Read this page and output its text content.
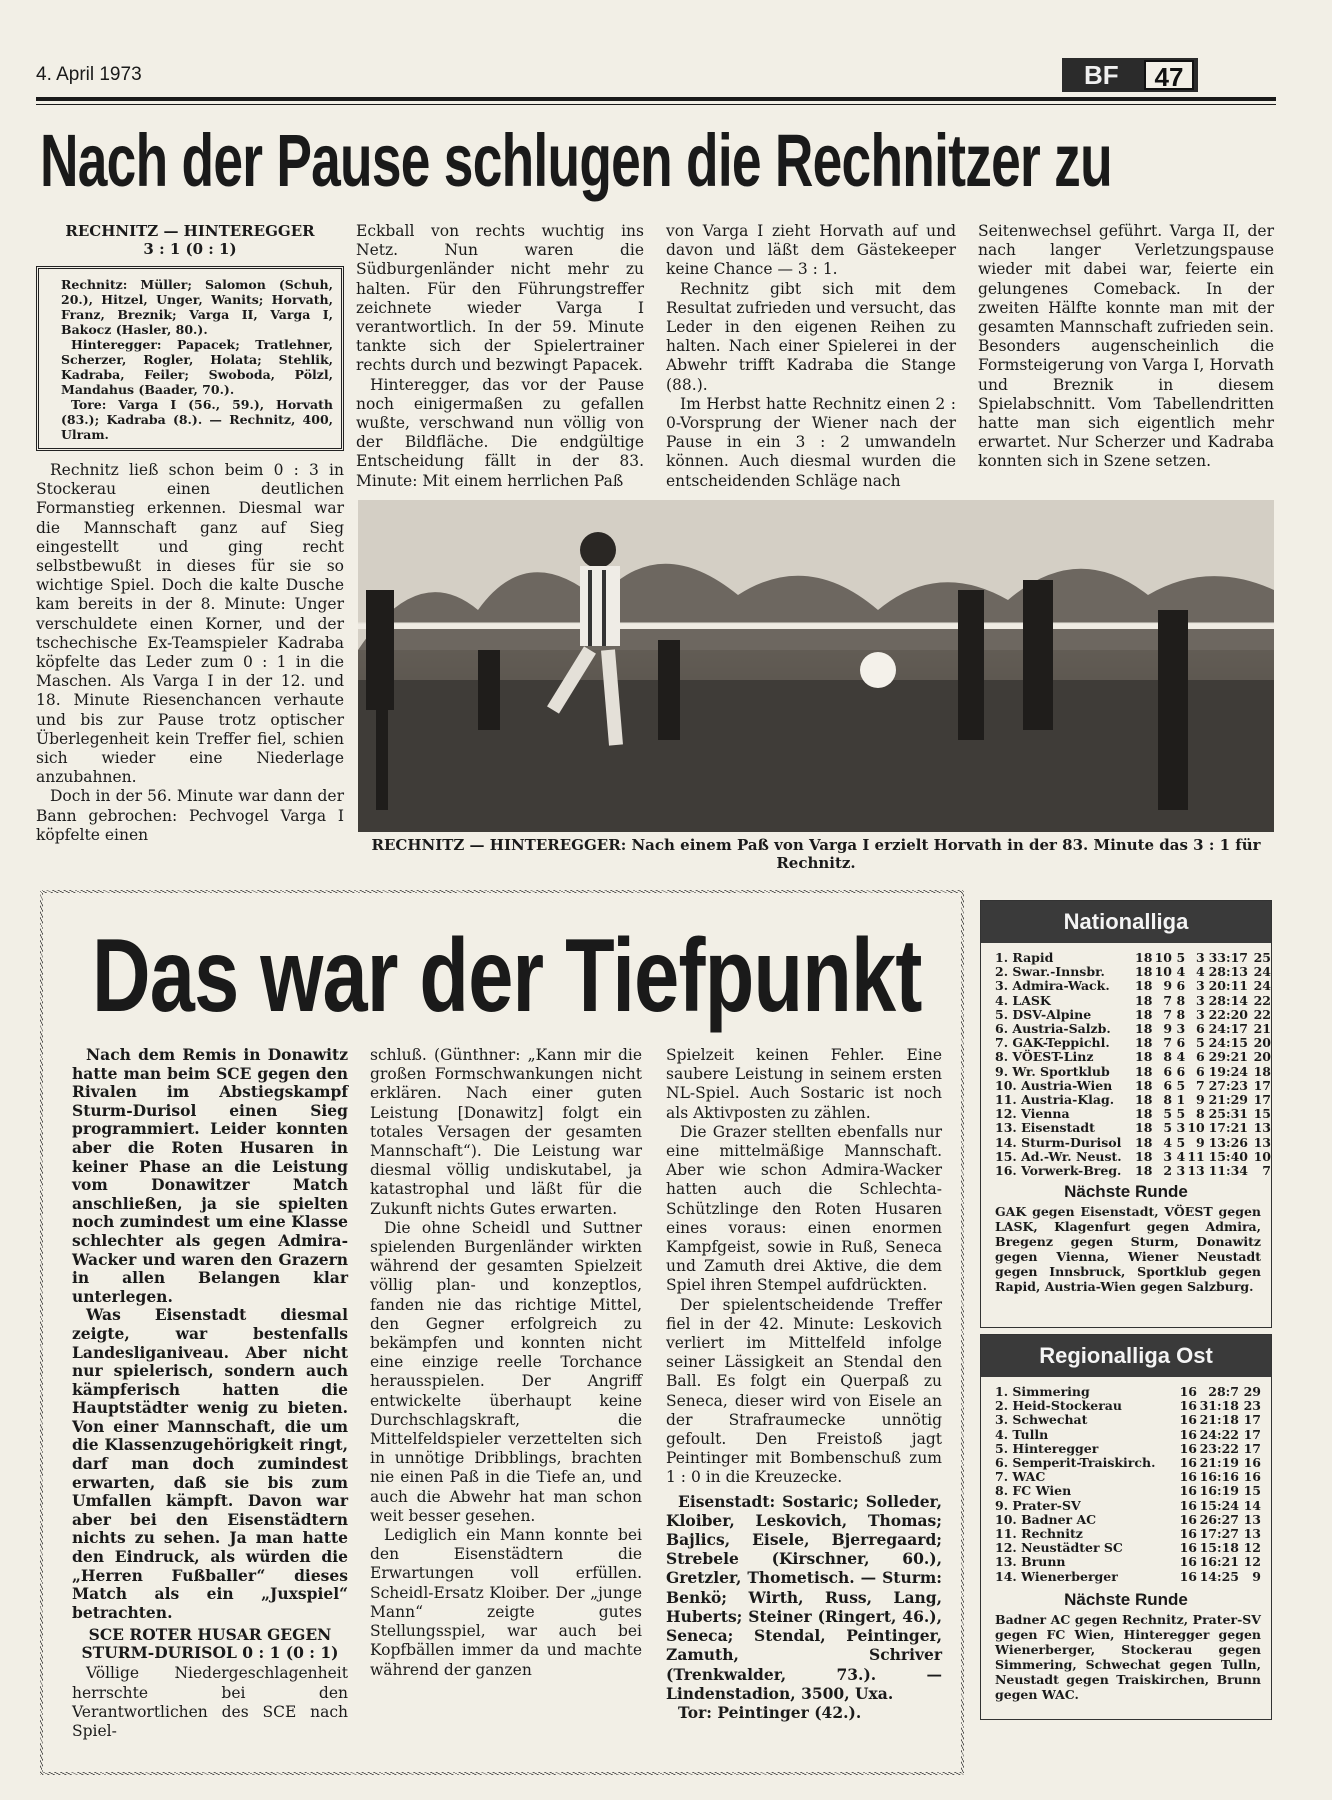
4. April 1973	BF	47
Nach der Pause schlugen die Rechnitzer zu
RECHNITZ — HINTEREGGER
3 : 1 (0 : 1)

Rechnitz: Müller; Salomon (Schuh, 20.), Hitzel, Unger, Wanits; Horvath, Franz, Breznik; Varga II, Varga I, Bakocz (Hasler, 80.).

Hinteregger: Papacek; Tratlehner, Scherzer, Rogler, Holata; Stehlik, Kadraba, Feiler; Swoboda, Pölzl, Mandahus (Baader, 70.).

Tore: Varga I (56., 59.), Horvath (83.); Kadraba (8.). — Rechnitz, 400, Ulram.

Rechnitz ließ schon beim 0 : 3 in Stockerau einen deutlichen Formanstieg erkennen. Diesmal war die Mannschaft ganz auf Sieg eingestellt und ging recht selbstbewußt in dieses für sie so wichtige Spiel. Doch die kalte Dusche kam bereits in der 8. Minute: Unger verschuldete einen Korner, und der tschechische Ex-Teamspieler Kadraba köpfelte das Leder zum 0 : 1 in die Maschen. Als Varga I in der 12. und 18. Minute Riesenchancen verhaute und bis zur Pause trotz optischer Überlegenheit kein Treffer fiel, schien sich wieder eine Niederlage anzubahnen.

Doch in der 56. Minute war dann der Bann gebrochen: Pechvogel Varga I köpfelte einen

Eckball von rechts wuchtig ins Netz. Nun waren die Südburgenländer nicht mehr zu halten. Für den Führungstreffer zeichnete wieder Varga I verantwortlich. In der 59. Minute tankte sich der Spielertrainer rechts durch und bezwingt Papacek.

Hinteregger, das vor der Pause noch einigermaßen zu gefallen wußte, verschwand nun völlig von der Bildfläche. Die endgültige Entscheidung fällt in der 83. Minute: Mit einem herrlichen Paß

von Varga I zieht Horvath auf und davon und läßt dem Gästekeeper keine Chance — 3 : 1.

Rechnitz gibt sich mit dem Resultat zufrieden und versucht, das Leder in den eigenen Reihen zu halten. Nach einer Spielerei in der Abwehr trifft Kadraba die Stange (88.).

Im Herbst hatte Rechnitz einen 2 : 0-Vorsprung der Wiener nach der Pause in ein 3 : 2 umwandeln können. Auch diesmal wurden die entscheidenden Schläge nach

Seitenwechsel geführt. Varga II, der nach langer Verletzungspause wieder mit dabei war, feierte ein gelungenes Comeback. In der zweiten Hälfte konnte man mit der gesamten Mannschaft zufrieden sein. Besonders augenscheinlich die Formsteigerung von Varga I, Horvath und Breznik in diesem Spielabschnitt. Vom Tabellendritten hatte man sich eigentlich mehr erwartet. Nur Scherzer und Kadraba konnten sich in Szene setzen.

RECHNITZ — HINTEREGGER: Nach einem Paß von Varga I erzielt Horvath in der 83. Minute das 3 : 1 für Rechnitz.
Das war der Tiefpunkt

Nach dem Remis in Donawitz hatte man beim SCE gegen den Rivalen im Abstiegskampf Sturm-Durisol einen Sieg programmiert. Leider konnten aber die Roten Husaren in keiner Phase an die Leistung vom Donawitzer Match anschließen, ja sie spielten noch zumindest um eine Klasse schlechter als gegen Admira-Wacker und waren den Grazern in allen Belangen klar unterlegen.

Was Eisenstadt diesmal zeigte, war bestenfalls Landesliganiveau. Aber nicht nur spielerisch, sondern auch kämpferisch hatten die Hauptstädter wenig zu bieten. Von einer Mannschaft, die um die Klassenzugehörigkeit ringt, darf man doch zumindest erwarten, daß sie bis zum Umfallen kämpft. Davon war aber bei den Eisenstädtern nichts zu sehen. Ja man hatte den Eindruck, als würden die „Herren Fußballer“ dieses Match als ein „Juxspiel“ betrachten.

SCE ROTER HUSAR GEGEN STURM-DURISOL 0 : 1 (0 : 1)

Völlige Niedergeschlagenheit herrschte bei den Verantwortlichen des SCE nach Spiel-

schluß. (Günthner: „Kann mir die großen Formschwankungen nicht erklären. Nach einer guten Leistung [Donawitz] folgt ein totales Versagen der gesamten Mannschaft“). Die Leistung war diesmal völlig undiskutabel, ja katastrophal und läßt für die Zukunft nichts Gutes erwarten.

Die ohne Scheidl und Suttner spielenden Burgenländer wirkten während der gesamten Spielzeit völlig plan- und konzeptlos, fanden nie das richtige Mittel, den Gegner erfolgreich zu bekämpfen und konnten nicht eine einzige reelle Torchance herausspielen. Der Angriff entwickelte überhaupt keine Durchschlagskraft, die Mittelfeldspieler verzettelten sich in unnötige Dribblings, brachten nie einen Paß in die Tiefe an, und auch die Abwehr hat man schon weit besser gesehen.

Lediglich ein Mann konnte bei den Eisenstädtern die Erwartungen voll erfüllen. Scheidl-Ersatz Kloiber. Der „junge Mann“ zeigte gutes Stellungsspiel, war auch bei Kopfbällen immer da und machte während der ganzen

Spielzeit keinen Fehler. Eine saubere Leistung in seinem ersten NL-Spiel. Auch Sostaric ist noch als Aktivposten zu zählen.

Die Grazer stellten ebenfalls nur eine mittelmäßige Mannschaft. Aber wie schon Admira-Wacker hatten auch die Schlechta-Schützlinge den Roten Husaren eines voraus: einen enormen Kampfgeist, sowie in Ruß, Seneca und Zamuth drei Aktive, die dem Spiel ihren Stempel aufdrückten.

Der spielentscheidende Treffer fiel in der 42. Minute: Leskovich verliert im Mittelfeld infolge seiner Lässigkeit an Stendal den Ball. Es folgt ein Querpaß zu Seneca, dieser wird von Eisele an der Strafraumecke unnötig gefoult. Den Freistoß jagt Peintinger mit Bombenschuß zum 1 : 0 in die Kreuzecke.

Eisenstadt: Sostaric; Solleder, Kloiber, Leskovich, Thomas; Bajlics, Eisele, Bjerregaard; Strebele (Kirschner, 60.), Gretzler, Thometisch. — Sturm: Benkö; Wirth, Russ, Lang, Huberts; Steiner (Ringert, 46.), Seneca; Stendal, Peintinger, Zamuth, Schriver (Trenkwalder, 73.). — Lindenstadion, 3500, Uxa.

Tor: Peintinger (42.).

Nationalliga
1. Rapid	18	10	5	3	33:17	25
2. Swar.-Innsbr.	18	10	4	4	28:13	24
3. Admira-Wack.	18	9	6	3	20:11	24
4. LASK	18	7	8	3	28:14	22
5. DSV-Alpine	18	7	8	3	22:20	22
6. Austria-Salzb.	18	9	3	6	24:17	21
7. GAK-Teppichl.	18	7	6	5	24:15	20
8. VÖEST-Linz	18	8	4	6	29:21	20
9. Wr. Sportklub	18	6	6	6	19:24	18
10. Austria-Wien	18	6	5	7	27:23	17
11. Austria-Klag.	18	8	1	9	21:29	17
12. Vienna	18	5	5	8	25:31	15
13. Eisenstadt	18	5	3	10	17:21	13
14. Sturm-Durisol	18	4	5	9	13:26	13
15. Ad.-Wr. Neust.	18	3	4	11	15:40	10
16. Vorwerk-Breg.	18	2	3	13	11:34	7
Nächste Runde

GAK gegen Eisenstadt, VÖEST gegen LASK, Klagenfurt gegen Admira, Bregenz gegen Sturm, Donawitz gegen Vienna, Wiener Neustadt gegen Innsbruck, Sportklub gegen Rapid, Austria-Wien gegen Salzburg.

Regionalliga Ost
1. Simmering	16	28:7	29
2. Heid-Stockerau	16	31:18	23
3. Schwechat	16	21:18	17
4. Tulln	16	24:22	17
5. Hinteregger	16	23:22	17
6. Semperit-Traiskirch.	16	21:19	16
7. WAC	16	16:16	16
8. FC Wien	16	16:19	15
9. Prater-SV	16	15:24	14
10. Badner AC	16	26:27	13
11. Rechnitz	16	17:27	13
12. Neustädter SC	16	15:18	12
13. Brunn	16	16:21	12
14. Wienerberger	16	14:25	9
Nächste Runde

Badner AC gegen Rechnitz, Prater-SV gegen FC Wien, Hinteregger gegen Wienerberger, Stockerau gegen Simmering, Schwechat gegen Tulln, Neustadt gegen Traiskirchen, Brunn gegen WAC.
